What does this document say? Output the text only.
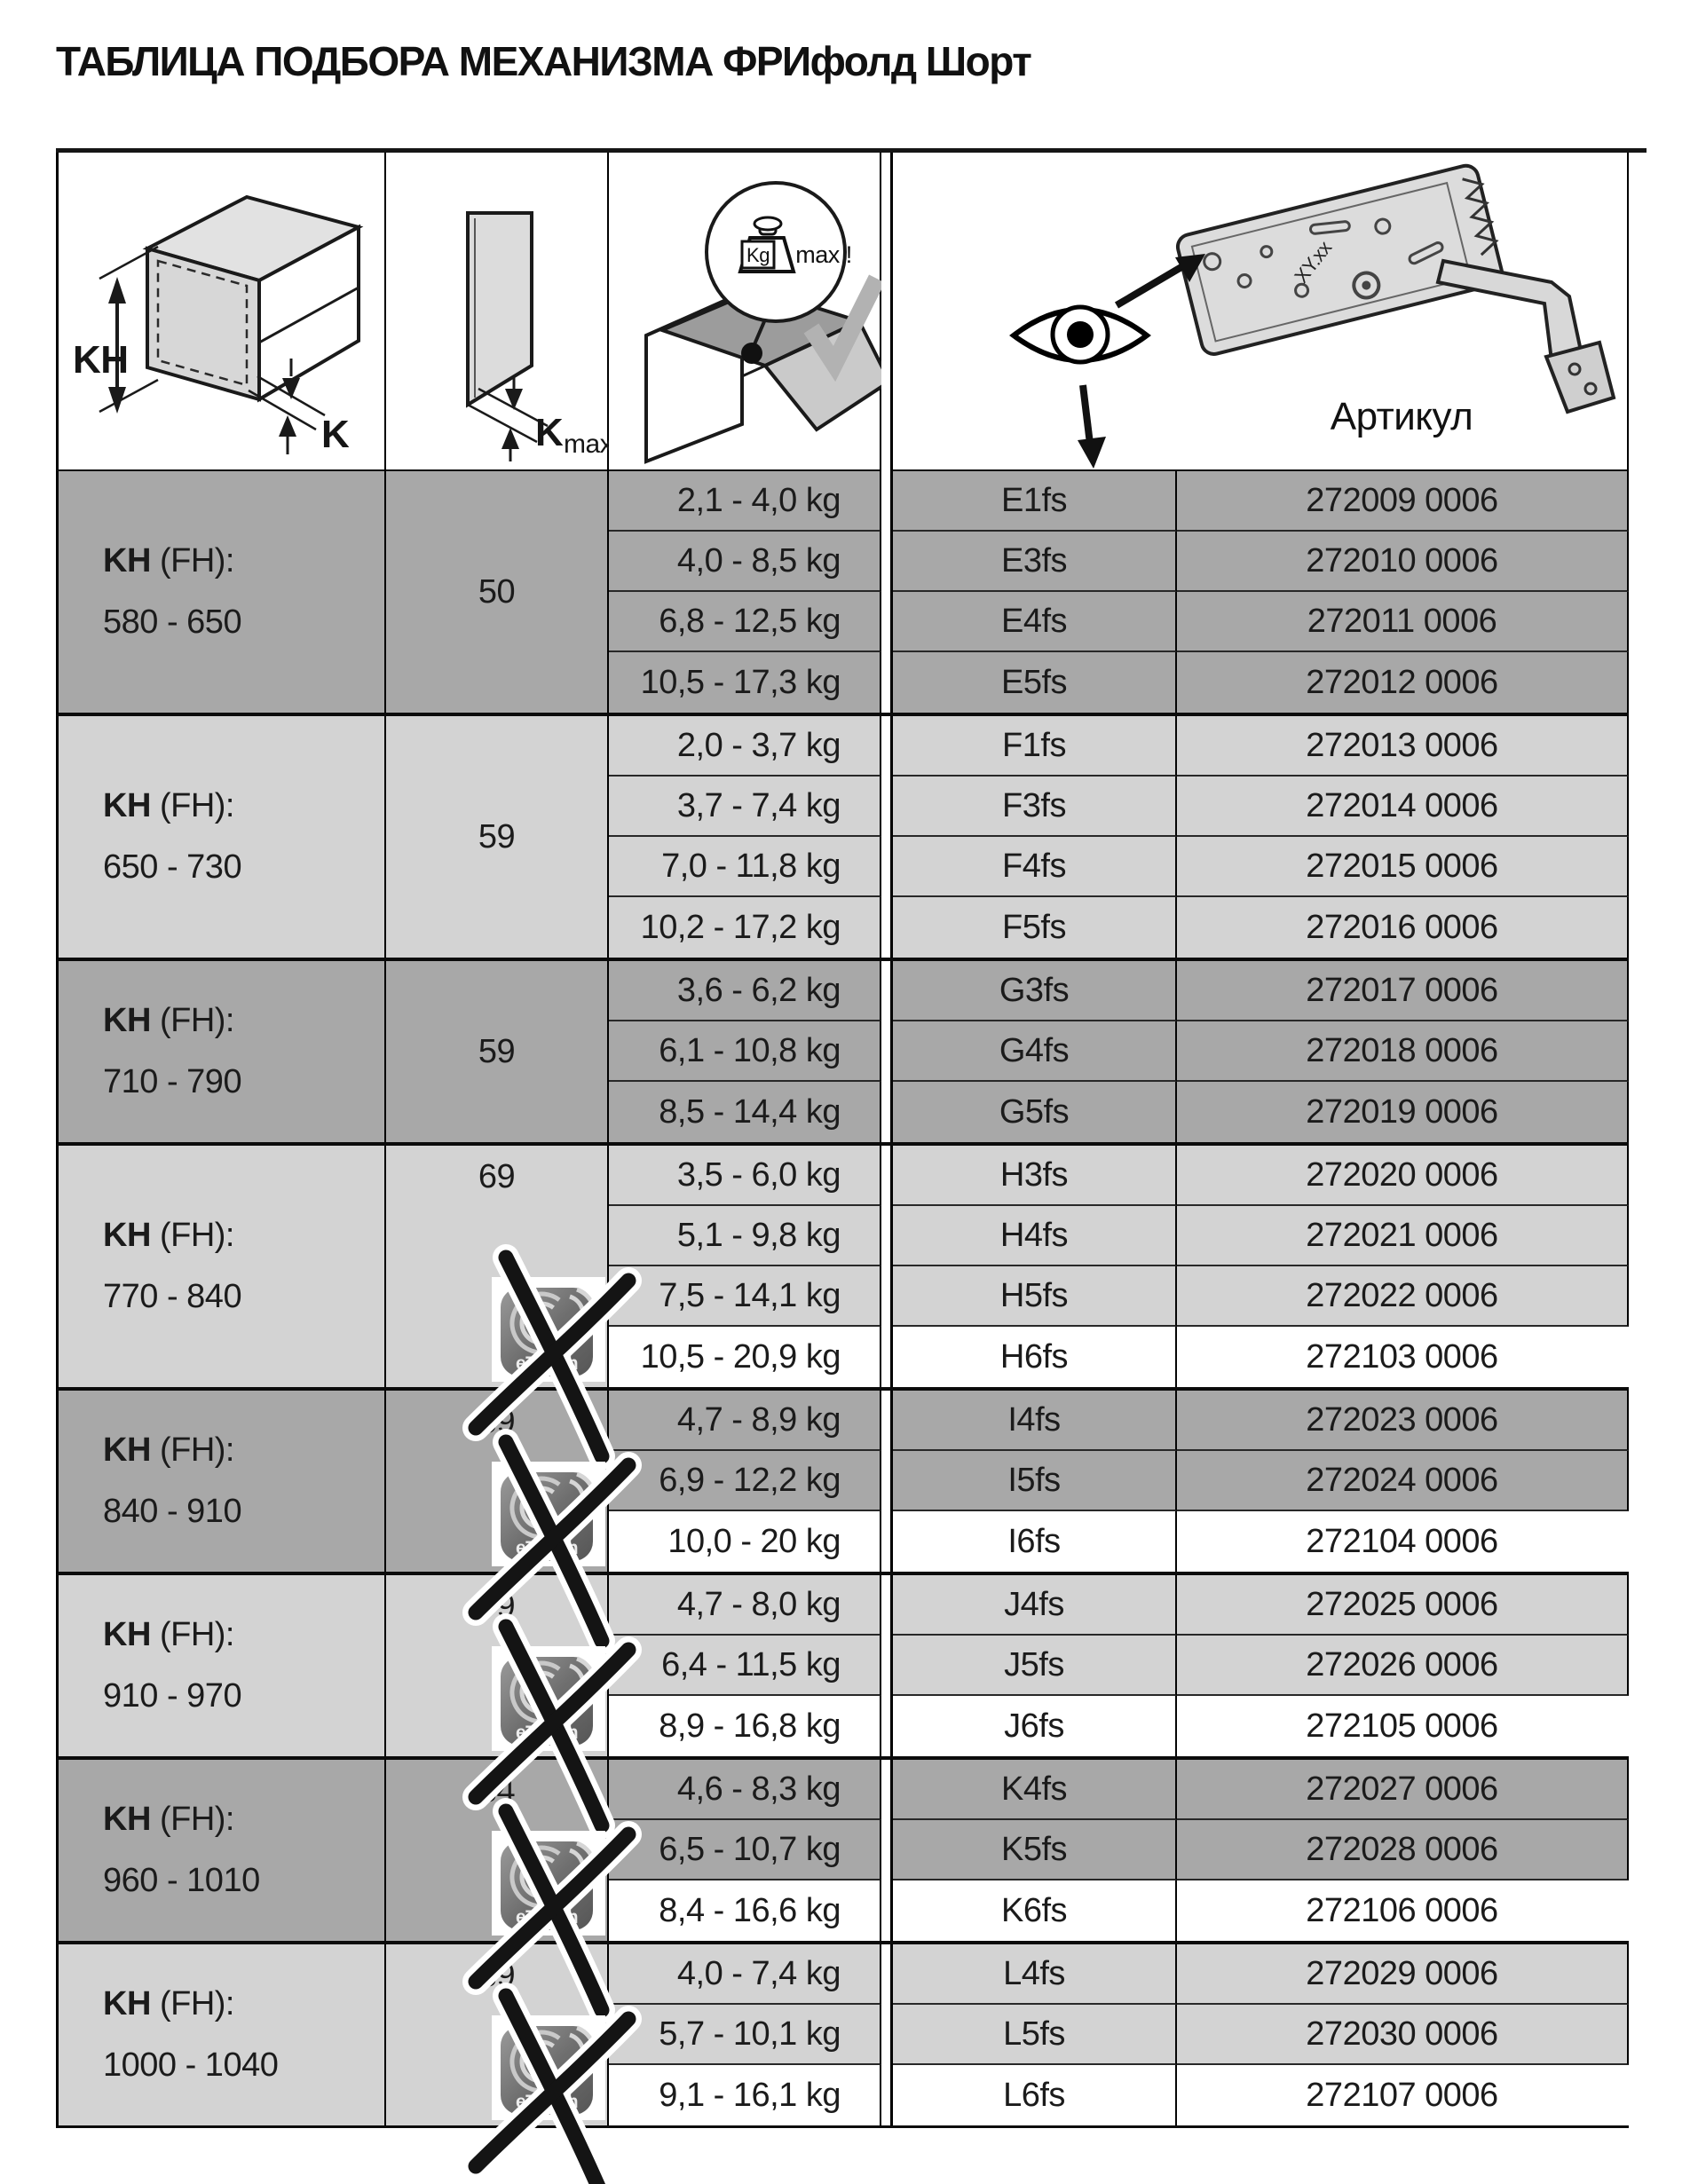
ТАБЛИЦА ПОДБОРА МЕХАНИЗМА ФРИфолд Шорт
KH
K	K max
Kg max !	XY.xx
Артикул
KH (FH):
580 - 650
50
2,1 - 4,0 kg	E1fs	272009 0006
4,0 - 8,5 kg	E3fs	272010 0006
6,8 - 12,5 kg	E4fs	272011 0006
10,5 - 17,3 kg	E5fs	272012 0006
KH (FH):
650 - 730
59
2,0 - 3,7 kg	F1fs	272013 0006
3,7 - 7,4 kg	F3fs	272014 0006
7,0 - 11,8 kg	F4fs	272015 0006
10,2 - 17,2 kg	F5fs	272016 0006
KH (FH):
710 - 790
59
3,6 - 6,2 kg	G3fs	272017 0006
6,1 - 10,8 kg	G4fs	272018 0006
8,5 - 14,4 kg	G5fs	272019 0006
KH (FH):
770 - 840
69
eTouch
3,5 - 6,0 kg	H3fs	272020 0006
5,1 - 9,8 kg	H4fs	272021 0006
7,5 - 14,1 kg	H5fs	272022 0006
10,5 - 20,9 kg	H6fs	272103 0006
KH (FH):
840 - 910
69
eTouch
4,7 - 8,9 kg	I4fs	272023 0006
6,9 - 12,2 kg	I5fs	272024 0006
10,0 - 20 kg	I6fs	272104 0006
KH (FH):
910 - 970
79
eTouch
4,7 - 8,0 kg	J4fs	272025 0006
6,4 - 11,5 kg	J5fs	272026 0006
8,9 - 16,8 kg	J6fs	272105 0006
KH (FH):
960 - 1010
84
eTouch
4,6 - 8,3 kg	K4fs	272027 0006
6,5 - 10,7 kg	K5fs	272028 0006
8,4 - 16,6 kg	K6fs	272106 0006
KH (FH):
1000 - 1040
89
eTouch
4,0 - 7,4 kg	L4fs	272029 0006
5,7 - 10,1 kg	L5fs	272030 0006
9,1 - 16,1 kg	L6fs	272107 0006
